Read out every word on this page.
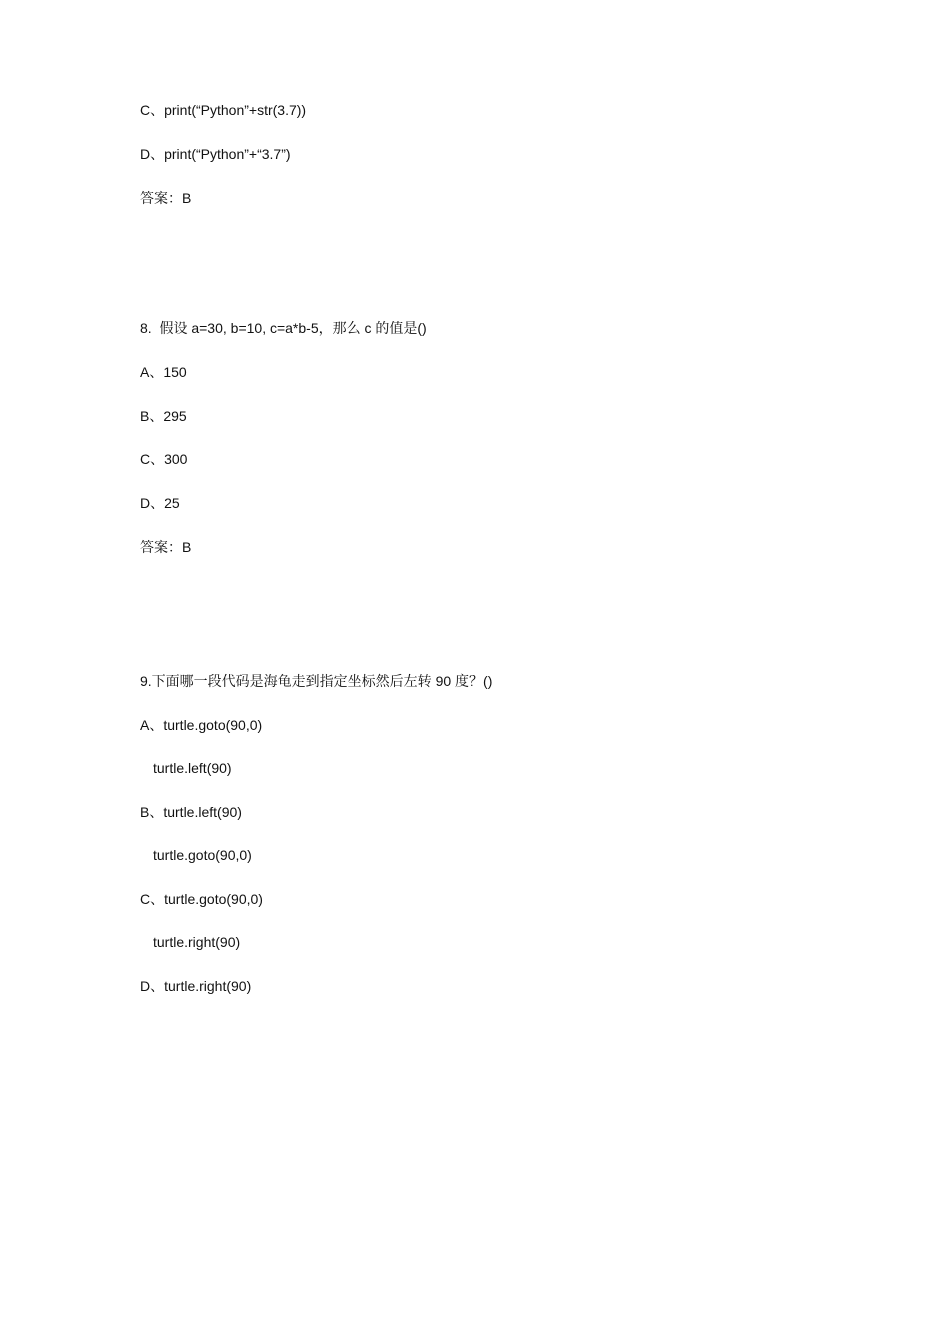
C、print(“Python”+str(3.7))
D、print(“Python”+“3.7”)
答案：B
8.  假设 a=30, b=10, c=a*b-5，那么 c 的值是()
A、150
B、295
C、300
D、25
答案：B
9.下面哪一段代码是海龟走到指定坐标然后左转 90 度？()
A、turtle.goto(90,0)
turtle.left(90)
B、turtle.left(90)
turtle.goto(90,0)
C、turtle.goto(90,0)
turtle.right(90)
D、turtle.right(90)
